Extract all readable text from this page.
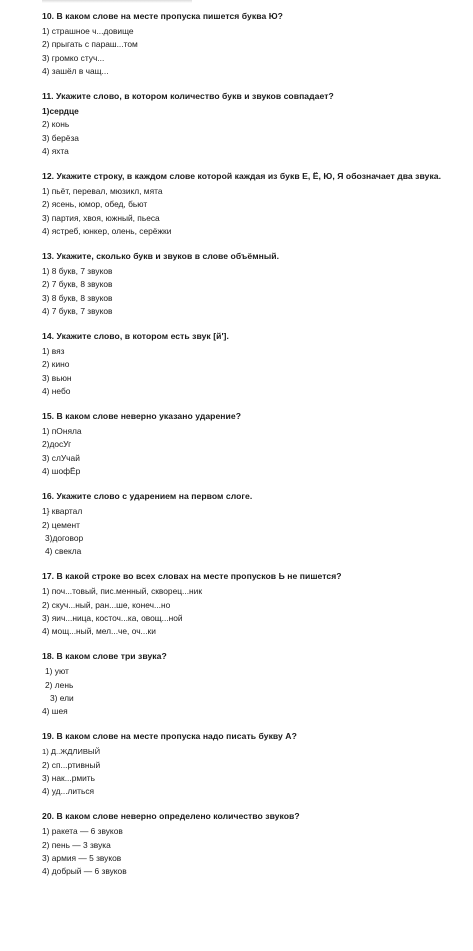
10. В каком слове на месте пропуска пишется буква Ю?
1) страшное ч...довище
2) прыгать с параш...том
3) громко стуч...
4) зашёл в чащ...
11. Укажите слово, в котором количество букв и звуков совпадает?
1)сердце
2) конь
3) берёза
4) яхта
12. Укажите строку, в каждом слове которой каждая из букв Е, Ё, Ю, Я обозначает два звука.
1) пьёт, перевал, мюзикл, мята
2) ясень, юмор, обед, бьют
3) партия, хвоя, южный, пьеса
4) ястреб, юнкер, олень, серёжки
13. Укажите, сколько букв и звуков в слове объёмный.
1) 8 букв, 7 звуков
2) 7 букв, 8 звуков
3) 8 букв, 8 звуков
4) 7 букв, 7 звуков
14. Укажите слово, в котором есть звук [й'].
1) вяз
2) кино
3) вьюн
4) небо
15. В каком слове неверно указано ударение?
1) пОняла
2)досУг
3) слУчай
4) шофЁр
16. Укажите слово с ударением на первом слоге.
1} квартал
2) цемент
3)договор
4) свекла
17. В какой строке во всех словах на месте пропусков Ь не пишется?
1) поч...товый, пис.менный, скворец...ник
2) скуч...ный, ран...ше, конеч...но
3) яич...ница, косточ...ка, овощ...ной
4) мощ...ный, мел...че, оч...ки
18. В каком слове три звука?
1) уют
2) лень
3) ели
4) шея
19. В каком слове на месте пропуска надо писать букву А?
1) Д..ЖДЛИВЫЙ
2) сп...ртивный
3) нак...рмить
4) уд...литься
20. В каком слове неверно определено количество звуков?
1) ракета — 6 звуков
2) пень — 3 звука
3) армия — 5 звуков
4) добрый — 6 звуков
